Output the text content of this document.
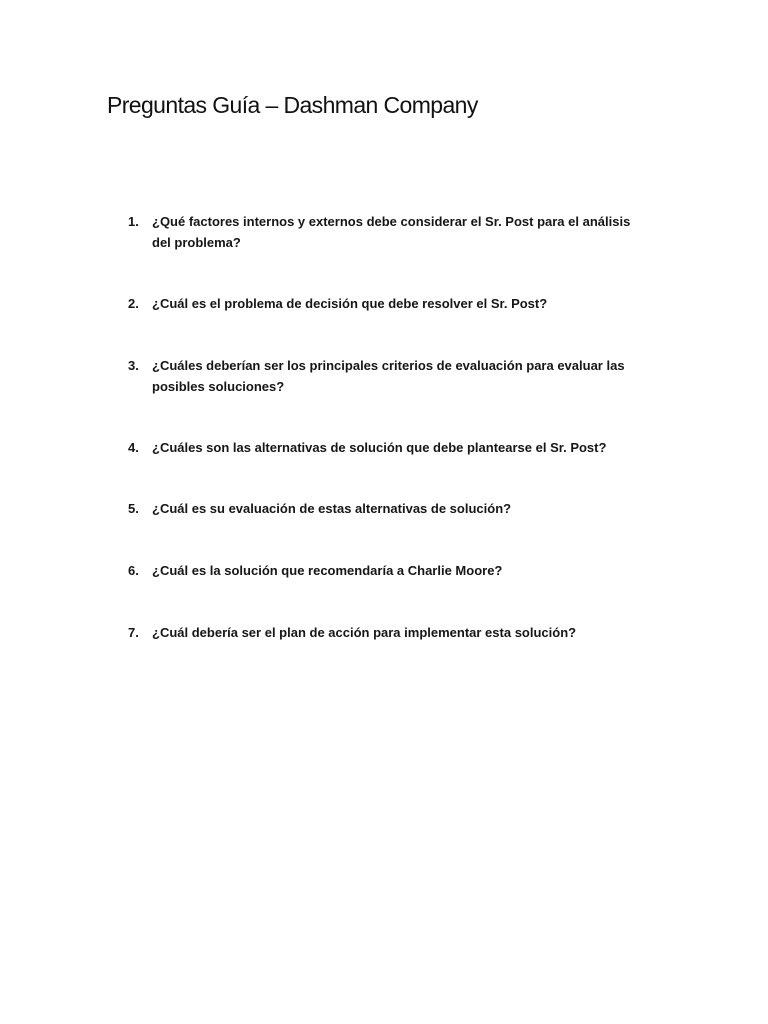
Preguntas Guía – Dashman Company
1.	¿Qué factores internos y externos debe considerar el Sr. Post para el análisis del problema?
2.	¿Cuál es el problema de decisión que debe resolver el Sr. Post?
3.	¿Cuáles deberían ser los principales criterios de evaluación para evaluar las posibles soluciones?
4.	¿Cuáles son las alternativas de solución que debe plantearse el Sr. Post?
5.	¿Cuál es su evaluación de estas alternativas de solución?
6.	¿Cuál es la solución que recomendaría a Charlie Moore?
7.	¿Cuál debería ser el plan de acción para implementar esta solución?
